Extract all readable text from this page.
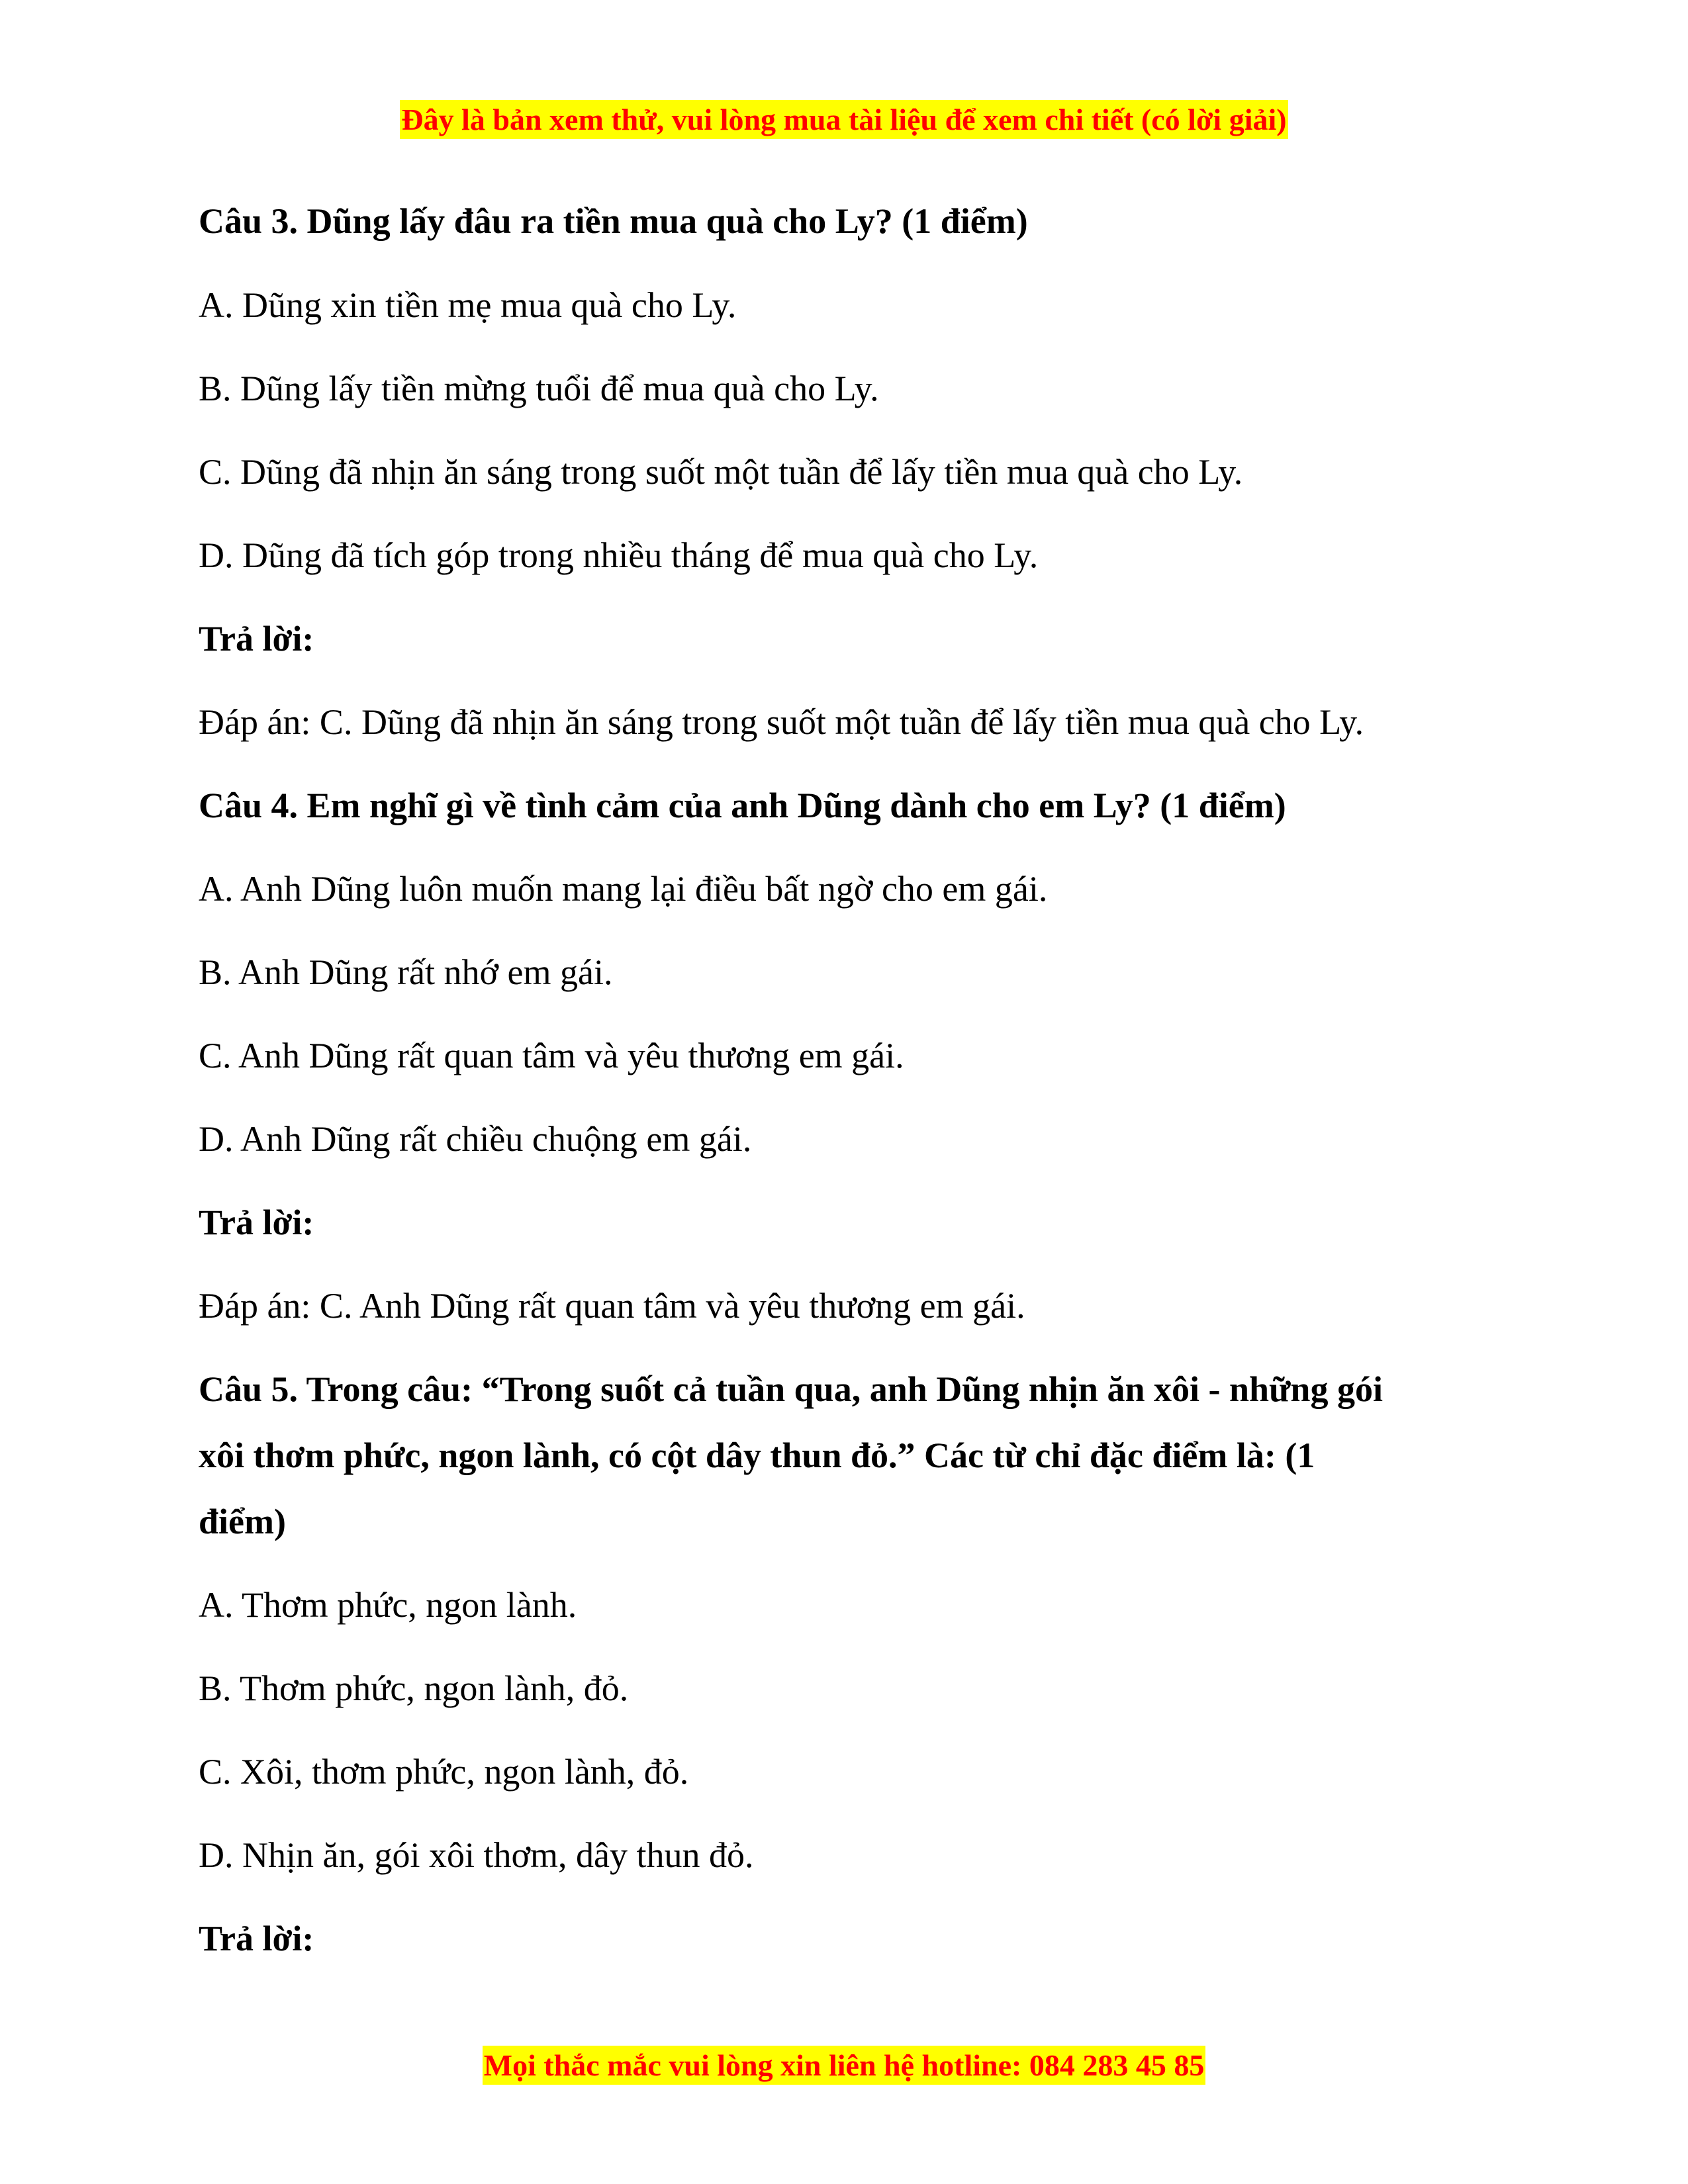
Đây là bản xem thử, vui lòng mua tài liệu để xem chi tiết (có lời giải)
Câu 3. Dũng lấy đâu ra tiền mua quà cho Ly? (1 điểm)
A. Dũng xin tiền mẹ mua quà cho Ly.
B. Dũng lấy tiền mừng tuổi để mua quà cho Ly.
C. Dũng đã nhịn ăn sáng trong suốt một tuần để lấy tiền mua quà cho Ly.
D. Dũng đã tích góp trong nhiều tháng để mua quà cho Ly.
Trả lời:
Đáp án: C. Dũng đã nhịn ăn sáng trong suốt một tuần để lấy tiền mua quà cho Ly.
Câu 4. Em nghĩ gì về tình cảm của anh Dũng dành cho em Ly? (1 điểm)
A. Anh Dũng luôn muốn mang lại điều bất ngờ cho em gái.
B. Anh Dũng rất nhớ em gái.
C. Anh Dũng rất quan tâm và yêu thương em gái.
D. Anh Dũng rất chiều chuộng em gái.
Trả lời:
Đáp án: C. Anh Dũng rất quan tâm và yêu thương em gái.
Câu 5. Trong câu: “Trong suốt cả tuần qua, anh Dũng nhịn ăn xôi - những gói
xôi thơm phức, ngon lành, có cột dây thun đỏ.” Các từ chỉ đặc điểm là: (1
điểm)
A. Thơm phức, ngon lành.
B. Thơm phức, ngon lành, đỏ.
C. Xôi, thơm phức, ngon lành, đỏ.
D. Nhịn ăn, gói xôi thơm, dây thun đỏ.
Trả lời:
Mọi thắc mắc vui lòng xin liên hệ hotline: 084 283 45 85
